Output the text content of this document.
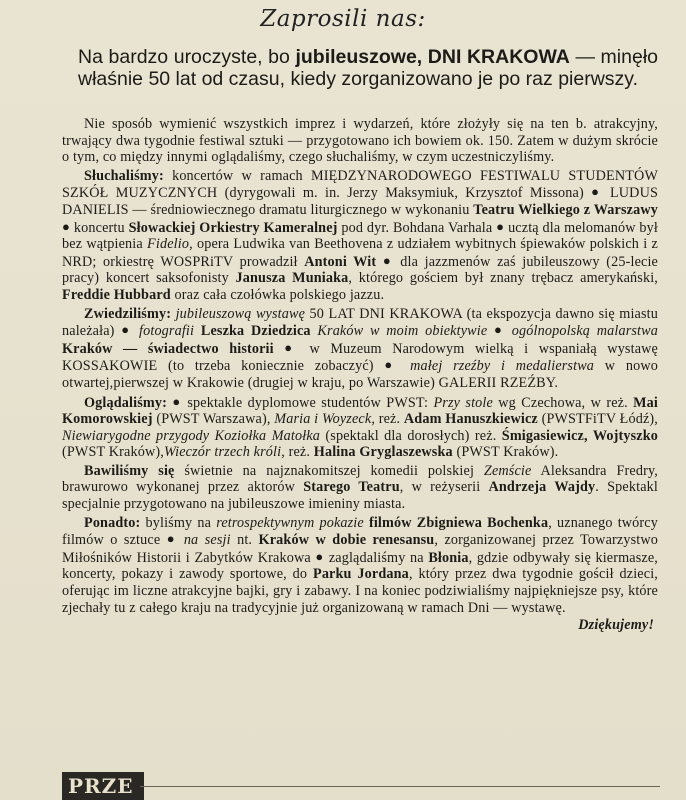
Zaprosili nas:
Na bardzo uroczyste, bo jubileuszowe, DNI KRAKOWA — minęło właśnie 50 lat od czasu, kiedy zorganizowano je po raz pierwszy.

Nie sposób wymienić wszystkich imprez i wydarzeń, które złożyły się na ten b. atrakcyjny, trwający dwa tygodnie festiwal sztuki — przygotowano ich bowiem ok. 150. Zatem w dużym skrócie o tym, co między innymi oglądaliśmy, czego słuchaliśmy, w czym uczestniczyliśmy.

Słuchaliśmy: koncertów w ramach MIĘDZYNARODOWEGO FESTIWALU STUDENTÓW SZKÓŁ MUZYCZNYCH (dyrygowali m. in. Jerzy Maksymiuk, Krzysztof Missona) ● LUDUS DANIELIS — średniowiecznego dramatu liturgicznego w wykonaniu Teatru Wielkiego z Warszawy ● koncertu Słowackiej Orkiestry Kameralnej pod dyr. Bohdana Varhala ● ucztą dla melomanów był bez wątpienia Fidelio, opera Ludwika van Beethovena z udziałem wybitnych śpiewaków polskich i z NRD; orkiestrę WOSPRiTV prowadził Antoni Wit ● dla jazzmenów zaś jubileuszowy (25-lecie pracy) koncert saksofonisty Janusza Muniaka, którego gościem był znany trębacz amerykański, Freddie Hubbard oraz cała czołówka polskiego jazzu.

Zwiedziliśmy: jubileuszową wystawę 50 LAT DNI KRAKOWA (ta ekspozycja dawno się miastu należała) ● fotografii Leszka Dziedzica Kraków w moim obiektywie ● ogólnopolską malarstwa Kraków — świadectwo historii ● w Muzeum Narodowym wielką i wspaniałą wystawę KOSSAKOWIE (to trzeba koniecznie zobaczyć) ● małej rzeźby i medalierstwa w nowo otwartej,pierwszej w Krakowie (drugiej w kraju, po Warszawie) GALERII RZEŹBY.

Oglądaliśmy: ● spektakle dyplomowe studentów PWST: Przy stole wg Czechowa, w reż. Mai Komorowskiej (PWST Warszawa), Maria i Woyzeck, reż. Adam Hanuszkiewicz (PWSTFiTV Łódź), Niewiarygodne przygody Koziołka Matołka (spektakl dla dorosłych) reż. Śmigasiewicz, Wojtyszko (PWST Kraków),Wieczór trzech króli, reż. Halina Gryglaszewska (PWST Kraków).

Bawiliśmy się świetnie na najznakomitszej komedii polskiej Zemście Aleksandra Fredry, brawurowo wykonanej przez aktorów Starego Teatru, w reżyserii Andrzeja Wajdy. Spektakl specjalnie przygotowano na jubileuszowe imieniny miasta.

Ponadto: byliśmy na retrospektywnym pokazie filmów Zbigniewa Bochenka, uznanego twórcy filmów o sztuce ● na sesji nt. Kraków w dobie renesansu, zorganizowanej przez Towarzystwo Miłośników Historii i Zabytków Krakowa ● zaglądaliśmy na Błonia, gdzie odbywały się kiermasze, koncerty, pokazy i zawody sportowe, do Parku Jordana, który przez dwa tygodnie gościł dzieci, oferując im liczne atrakcyjne bajki, gry i zabawy. I na koniec podziwialiśmy najpiękniejsze psy, które zjechały tu z całego kraju na tradycyjnie już organizowaną w ramach Dni — wystawę.

Dziękujemy!
PRZE
